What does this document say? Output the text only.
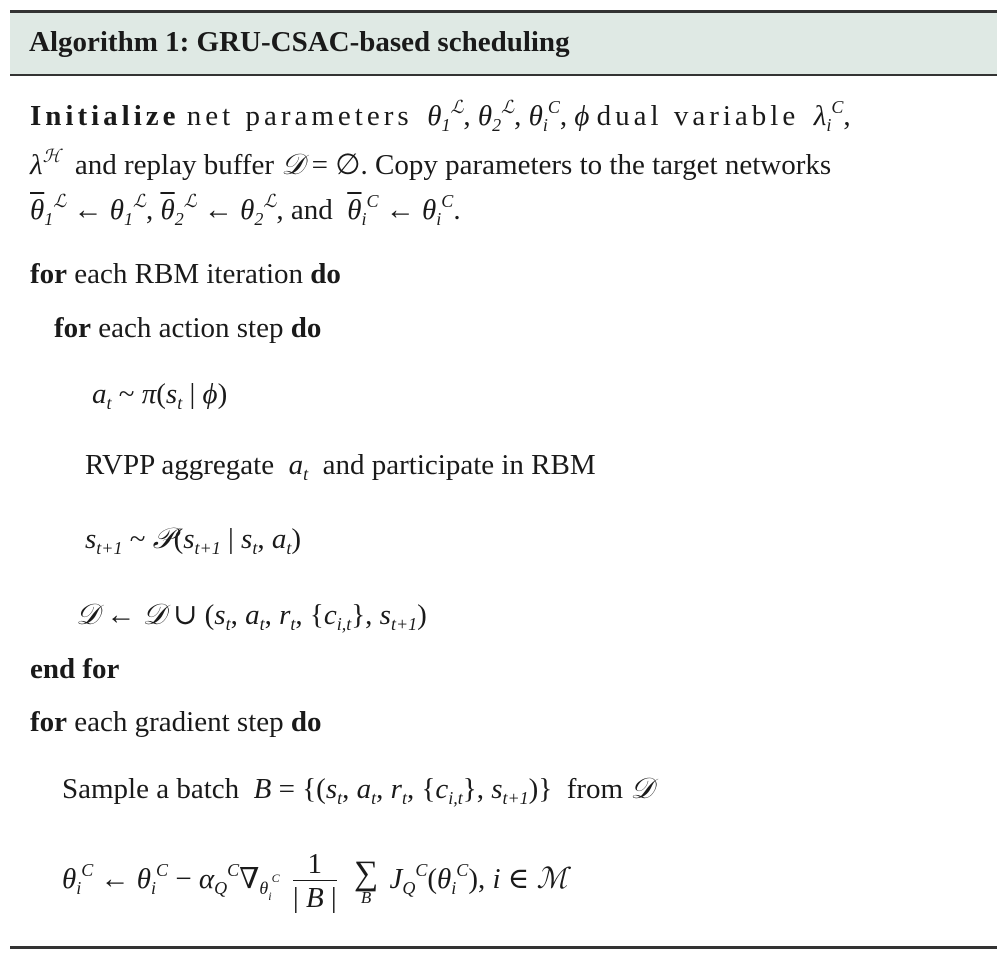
Algorithm 1: GRU-CSAC-based scheduling
Initialize net parameters $\theta_1^ℒ$, $\theta_2^ℒ$, $\theta_i^C$, ϕ dual variable $\lambda_i^C$,
$\lambda^ℋ$ and replay buffer 𝒟 = ∅. Copy parameters to the target networks
$\overline{\theta}_1^ℒ$ ← $\theta_1^ℒ$, $\overline{\theta}_2^ℒ$ ← $\theta_2^ℒ$, and $\overline{\theta}_i^C$ ← $\theta_i^C$.
for each RBM iteration do
for each action step do
$a_t$ ~ $\pi(s_t$ | ϕ)
RVPP aggregate $a_t$ and participate in RBM
$s_{t+1}$ ~ $𝒫(s_{t+1}$ | $s_t$, $a_t$)
𝒟 ← 𝒟 ∪ ($s_t$, $a_t$, $r_t$, $\{c_{i,t}\}$, $s_{t+1}$)
end for
for each gradient step do
Sample a batch $B = \{(s_t$, $a_t$, $r_t$, $\{c_{i,t}\}$, $s_{t+1}$)}  from 𝒟
$\theta_i^C$ ← $\theta_i^C - \alpha_Q^C\nabla_{\theta_i^C} \frac{1}{| B |}$
∑
B
$J_Q^C(\theta_i^C)$, i ∈ ℳ
